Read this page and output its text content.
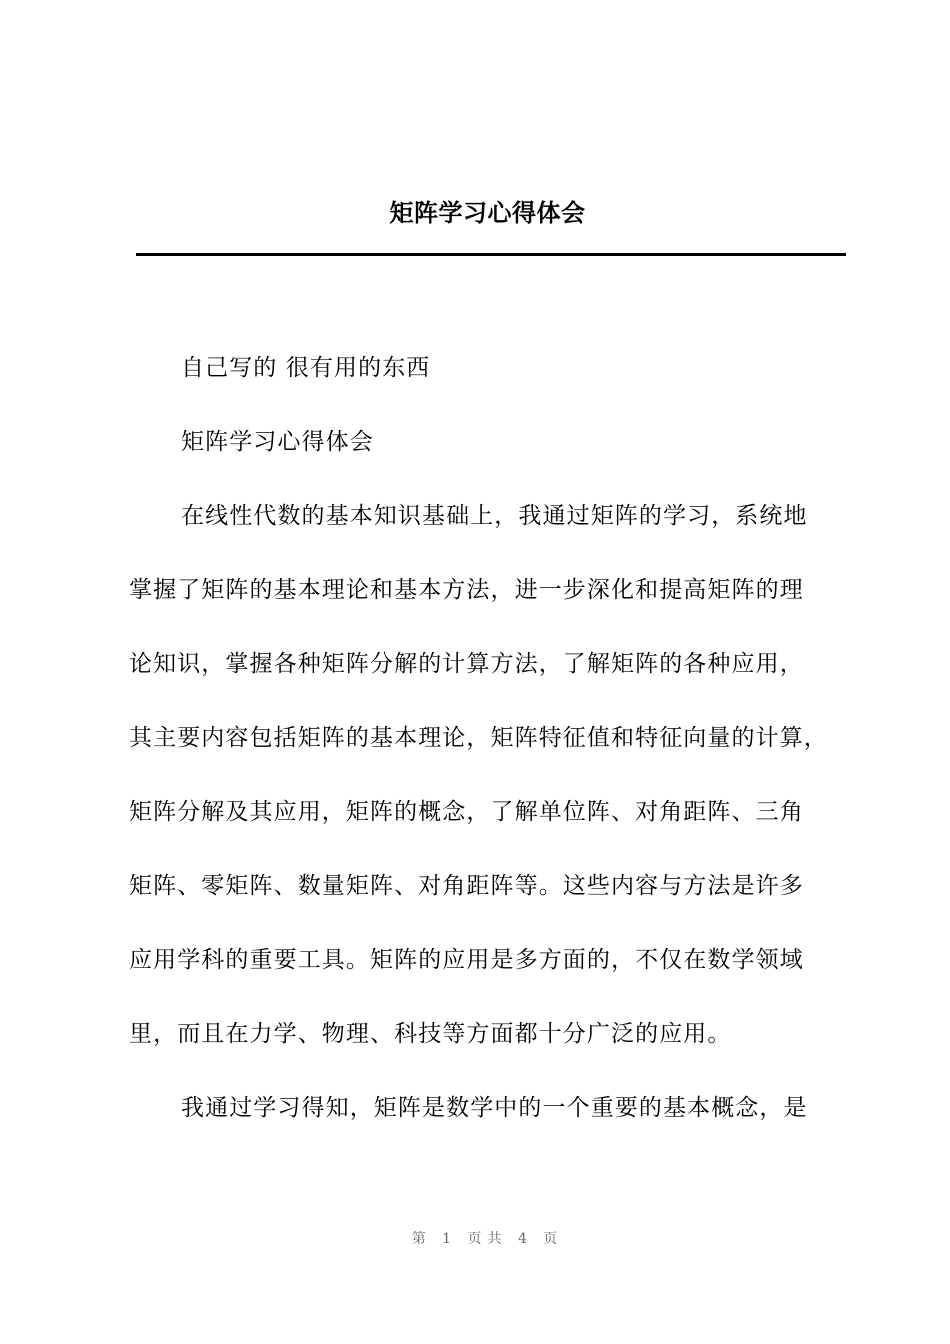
矩阵学习心得体会
自己写的 很有用的东西
矩阵学习心得体会
在线性代数的基本知识基础上，我通过矩阵的学习，系统地
掌握了矩阵的基本理论和基本方法，进一步深化和提高矩阵的理
论知识，掌握各种矩阵分解的计算方法，了解矩阵的各种应用，
其主要内容包括矩阵的基本理论，矩阵特征值和特征向量的计算，
矩阵分解及其应用，矩阵的概念，了解单位阵、对角距阵、三角
矩阵、零矩阵、数量矩阵、对角距阵等。这些内容与方法是许多
应用学科的重要工具。矩阵的应用是多方面的，不仅在数学领域
里，而且在力学、物理、科技等方面都十分广泛的应用。
我通过学习得知，矩阵是数学中的一个重要的基本概念，是
第 1 页共 4 页
